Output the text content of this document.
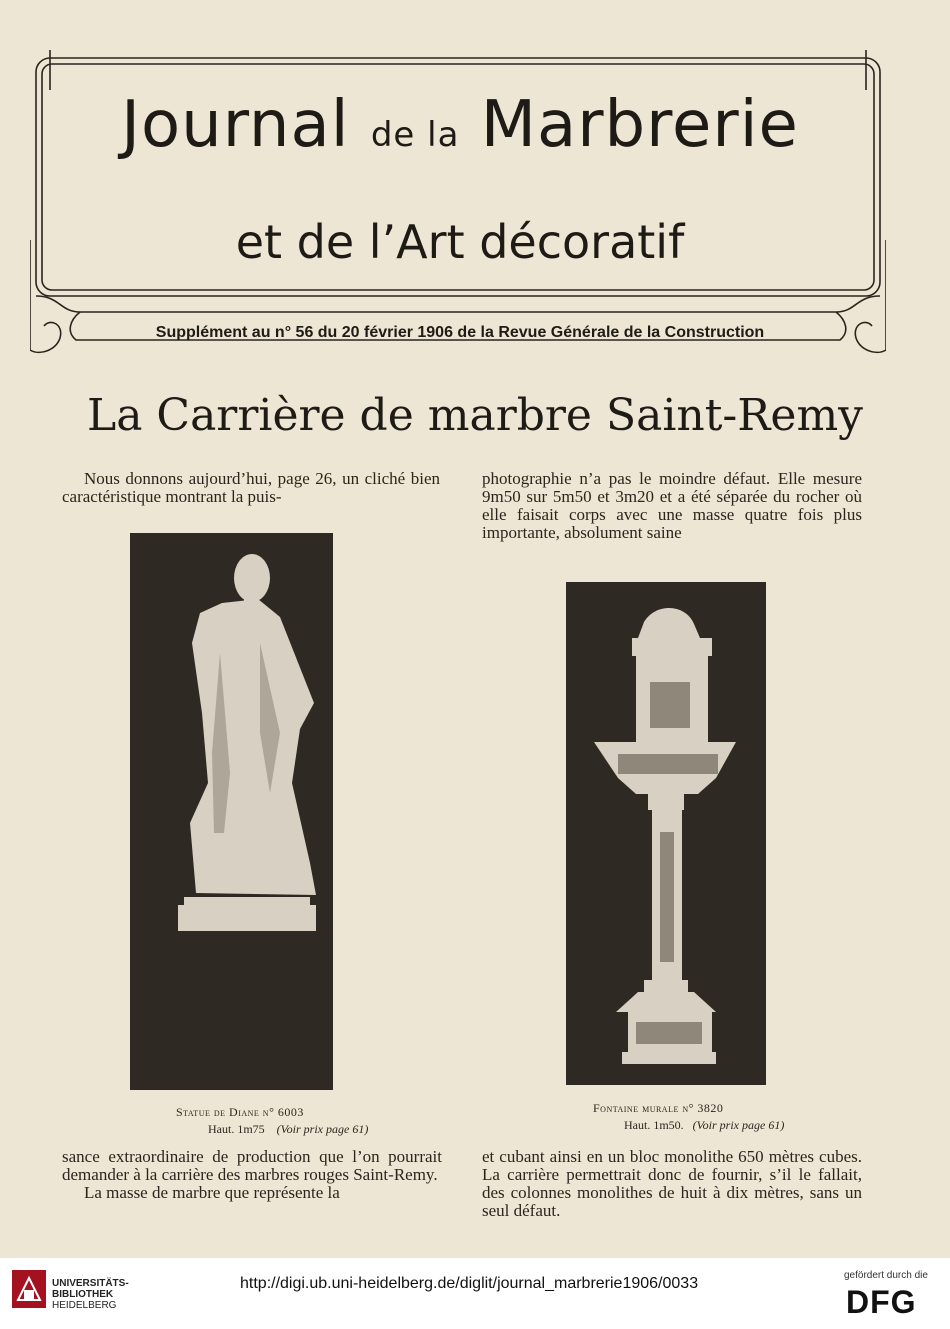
Journal de la Marbrerie
et de l’Art décoratif
Supplément au n° 56 du 20 février 1906 de la Revue Générale de la Construction
La Carrière de marbre Saint-Remy

Nous donnons aujourd’hui, page 26, un cliché bien caractéristique montrant la puis-

photographie n’a pas le moindre défaut. Elle mesure 9m50 sur 5m50 et 3m20 et a été séparée du rocher où elle faisait corps avec une masse quatre fois plus importante, absolument saine

Statue de Diane n° 6003
Haut. 1m75 (Voir prix page 61)
Fontaine murale n° 3820
Haut. 1m50. (Voir prix page 61)

sance extraordinaire de production que l’on pourrait demander à la carrière des marbres rouges Saint-Remy.

La masse de marbre que représente la

et cubant ainsi en un bloc monolithe 650 mètres cubes. La carrière permettrait donc de fournir, s’il le fallait, des colonnes monolithes de huit à dix mètres, sans un seul défaut.

UNIVERSITÄTS-
BIBLIOTHEK
HEIDELBERG
http://digi.ub.uni-heidelberg.de/diglit/journal_marbrerie1906/0033	gefördert durch die
DFG
